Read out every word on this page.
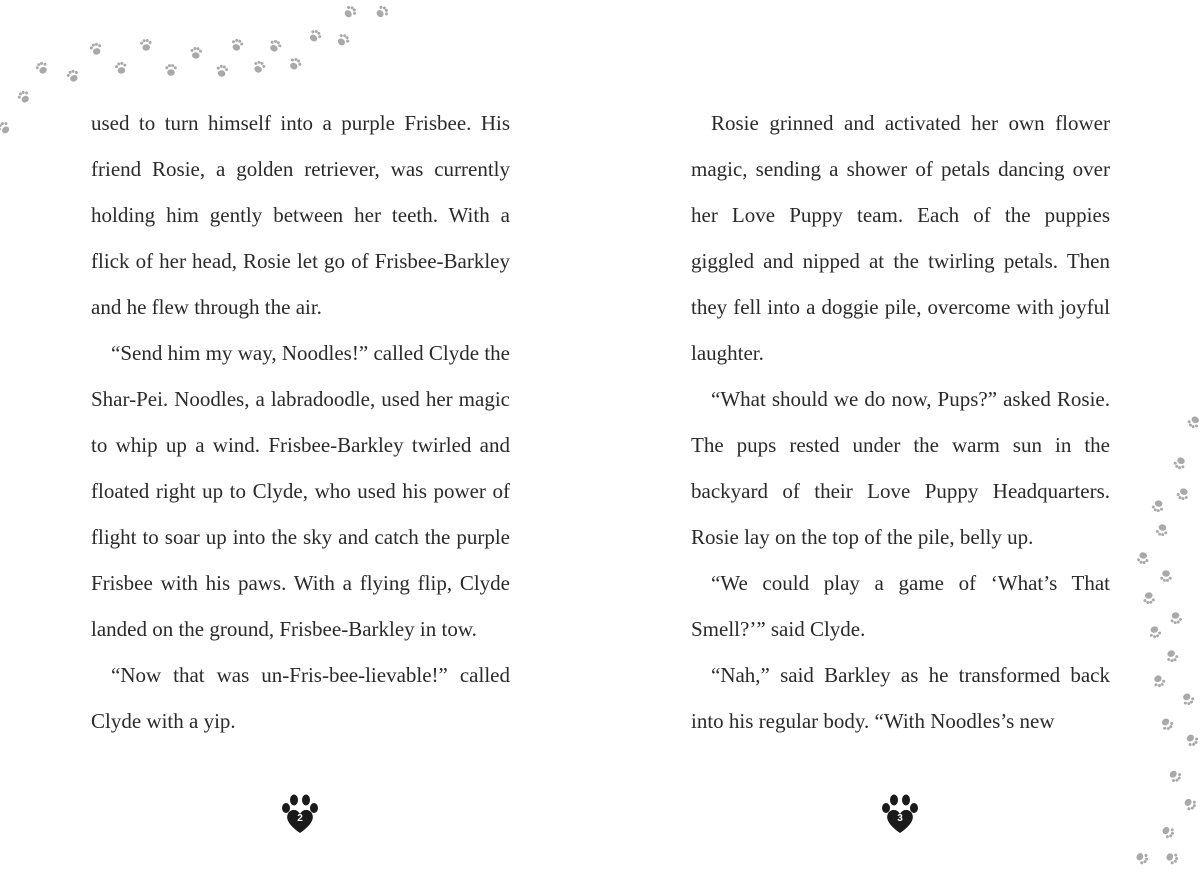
used to turn himself into a purple Frisbee. His friend Rosie, a golden retriever, was currently holding him gently between her teeth. With a flick of her head, Rosie let go of Frisbee-Barkley and he flew through the air.

“Send him my way, Noodles!” called Clyde the Shar-Pei. Noodles, a labradoodle, used her magic to whip up a wind. Frisbee-Barkley twirled and floated right up to Clyde, who used his power of flight to soar up into the sky and catch the purple Frisbee with his paws. With a flying flip, Clyde landed on the ground, Frisbee-Barkley in tow.

“Now that was un-Fris-bee-lievable!” called Clyde with a yip.

Rosie grinned and activated her own flower magic, sending a shower of petals dancing over her Love Puppy team. Each of the puppies giggled and nipped at the twirling petals. Then they fell into a doggie pile, overcome with joyful laughter.

“What should we do now, Pups?” asked Rosie. The pups rested under the warm sun in the backyard of their Love Puppy Headquarters. Rosie lay on the top of the pile, belly up.

“We could play a game of ‘What’s That Smell?’” said Clyde.

“Nah,” said Barkley as he transformed back into his regular body. “With Noodles’s new

2	3
